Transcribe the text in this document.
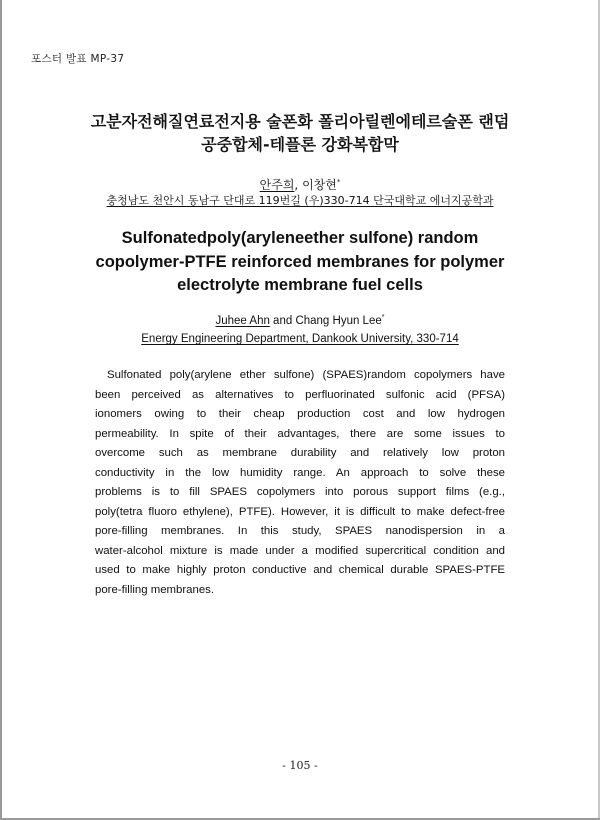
포스터 발표 MP-37
고분자전해질연료전지용 술폰화 폴리아릴렌에테르술폰 랜덤
공중합체-테플론 강화복합막
안주희, 이창현*
충청남도 천안시 동남구 단대로 119번길 (우)330-714 단국대학교 에너지공학과
Sulfonatedpoly(aryleneether sulfone) random
copolymer-PTFE reinforced membranes for polymer
electrolyte membrane fuel cells
Juhee Ahn and Chang Hyun Lee*
Energy Engineering Department, Dankook University, 330-714
Sulfonated poly(arylene ether sulfone) (SPAES)random copolymers have
been perceived as alternatives to perfluorinated sulfonic acid (PFSA)
ionomers owing to their cheap production cost and low hydrogen
permeability. In spite of their advantages, there are some issues to
overcome such as membrane durability and relatively low proton
conductivity in the low humidity range. An approach to solve these
problems is to fill SPAES copolymers into porous support films (e.g.,
poly(tetra fluoro ethylene), PTFE). However, it is difficult to make defect-free
pore-filling membranes. In this study, SPAES nanodispersion in a
water-alcohol mixture is made under a modified supercritical condition and
used to make highly proton conductive and chemical durable SPAES-PTFE
pore-filling membranes.
- 105 -
